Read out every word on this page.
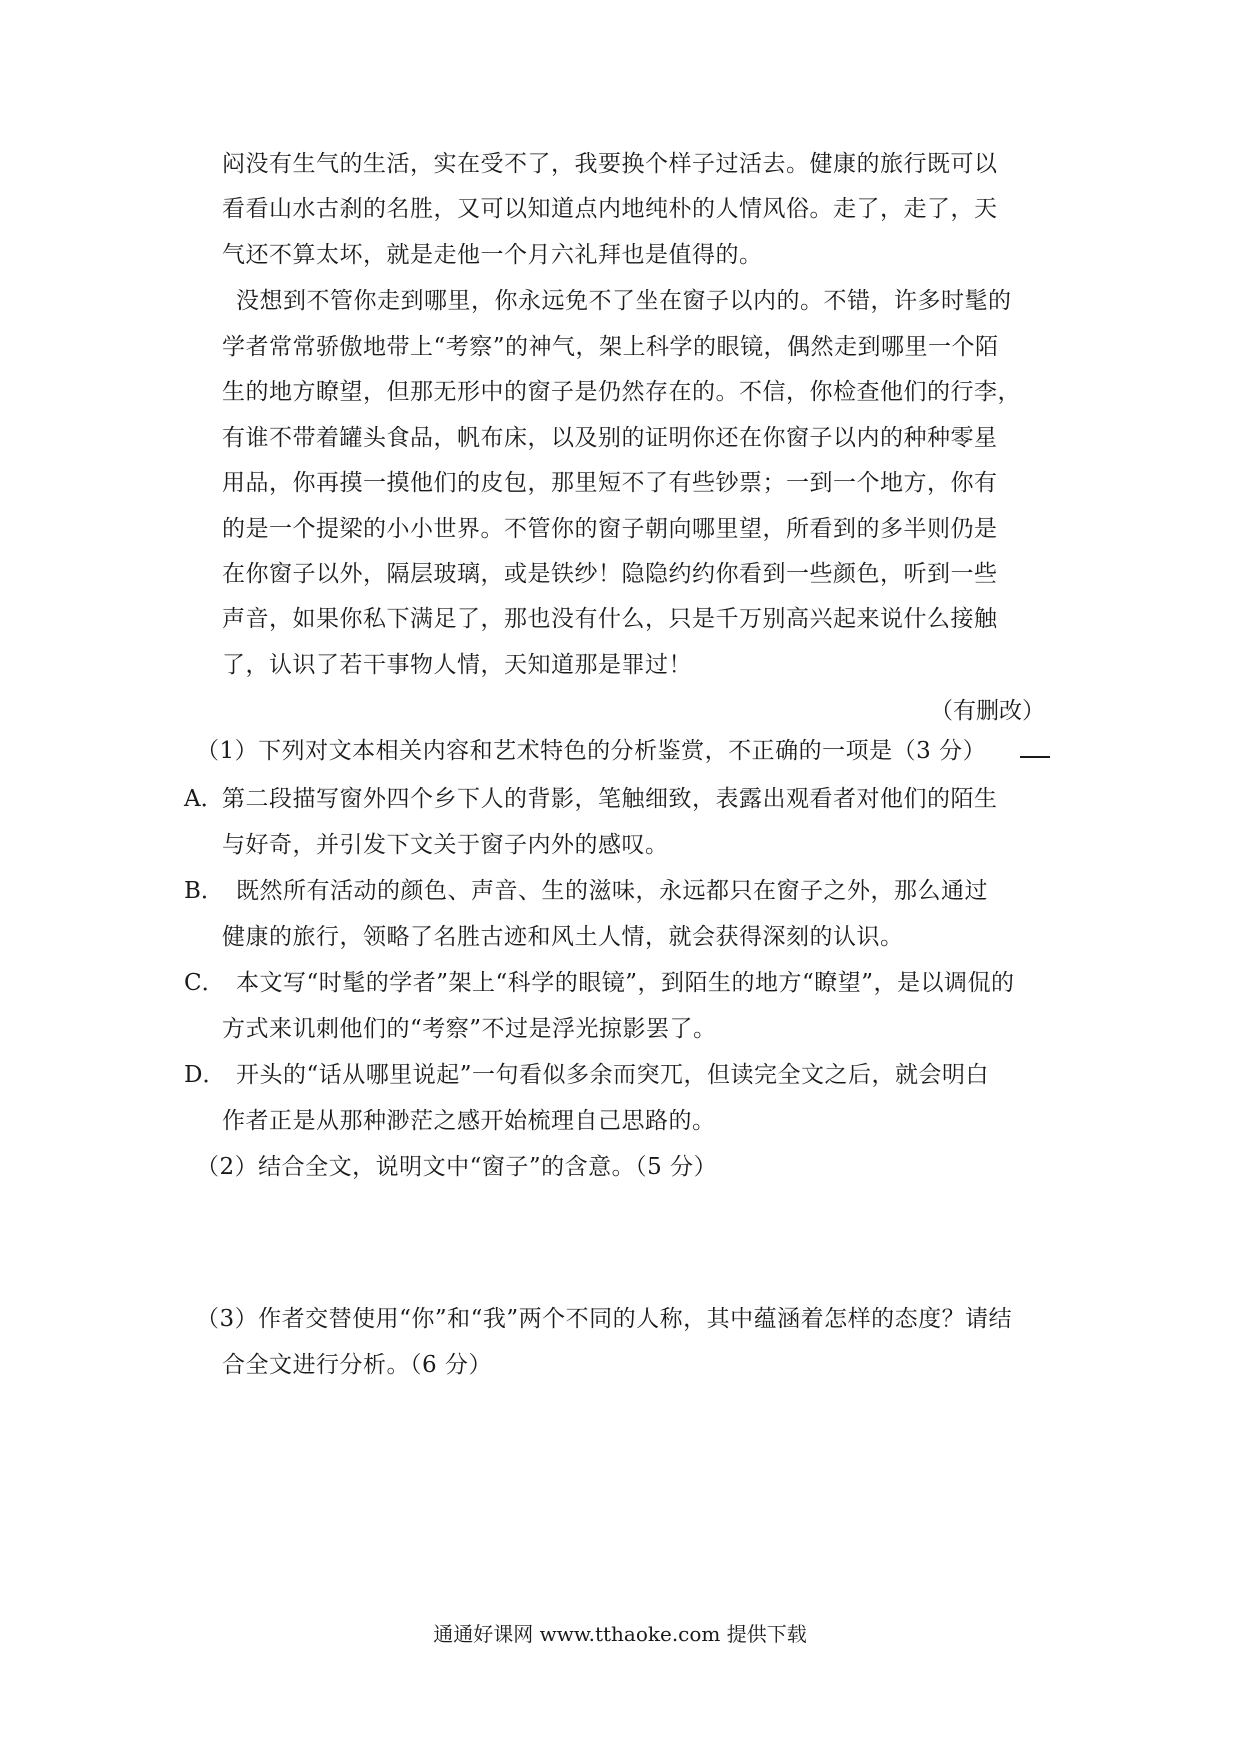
闷没有生气的生活，实在受不了，我要换个样子过活去。健康的旅行既可以
看看山水古刹的名胜，又可以知道点内地纯朴的人情风俗。走了，走了，天
气还不算太坏，就是走他一个月六礼拜也是值得的。
没想到不管你走到哪里，你永远免不了坐在窗子以内的。不错，许多时髦的
学者常常骄傲地带上“考察”的神气，架上科学的眼镜，偶然走到哪里一个陌
生的地方瞭望，但那无形中的窗子是仍然存在的。不信，你检查他们的行李，
有谁不带着罐头食品，帆布床，以及别的证明你还在你窗子以内的种种零星
用品，你再摸一摸他们的皮包，那里短不了有些钞票；一到一个地方，你有
的是一个提梁的小小世界。不管你的窗子朝向哪里望，所看到的多半则仍是
在你窗子以外，隔层玻璃，或是铁纱！隐隐约约你看到一些颜色，听到一些
声音，如果你私下满足了，那也没有什么，只是千万别高兴起来说什么接触
了，认识了若干事物人情，天知道那是罪过！
（有删改）
（1）下列对文本相关内容和艺术特色的分析鉴赏，不正确的一项是（3 分）
A．
第二段描写窗外四个乡下人的背影，笔触细致，表露出观看者对他们的陌生
与好奇，并引发下文关于窗子内外的感叹。
B． 既然所有活动的颜色、声音、生的滋味，永远都只在窗子之外，那么通过
健康的旅行，领略了名胜古迹和风土人情，就会获得深刻的认识。
C． 本文写“时髦的学者”架上“科学的眼镜”，到陌生的地方“瞭望”，是以调侃的
方式来讥刺他们的“考察”不过是浮光掠影罢了。
D． 开头的“话从哪里说起”一句看似多余而突兀，但读完全文之后，就会明白
作者正是从那种渺茫之感开始梳理自己思路的。
（2）结合全文，说明文中“窗子”的含意。（5 分）
（3）作者交替使用“你”和“我”两个不同的人称，其中蕴涵着怎样的态度？请结
合全文进行分析。（6 分）
通通好课网 www.tthaoke.com 提供下载
